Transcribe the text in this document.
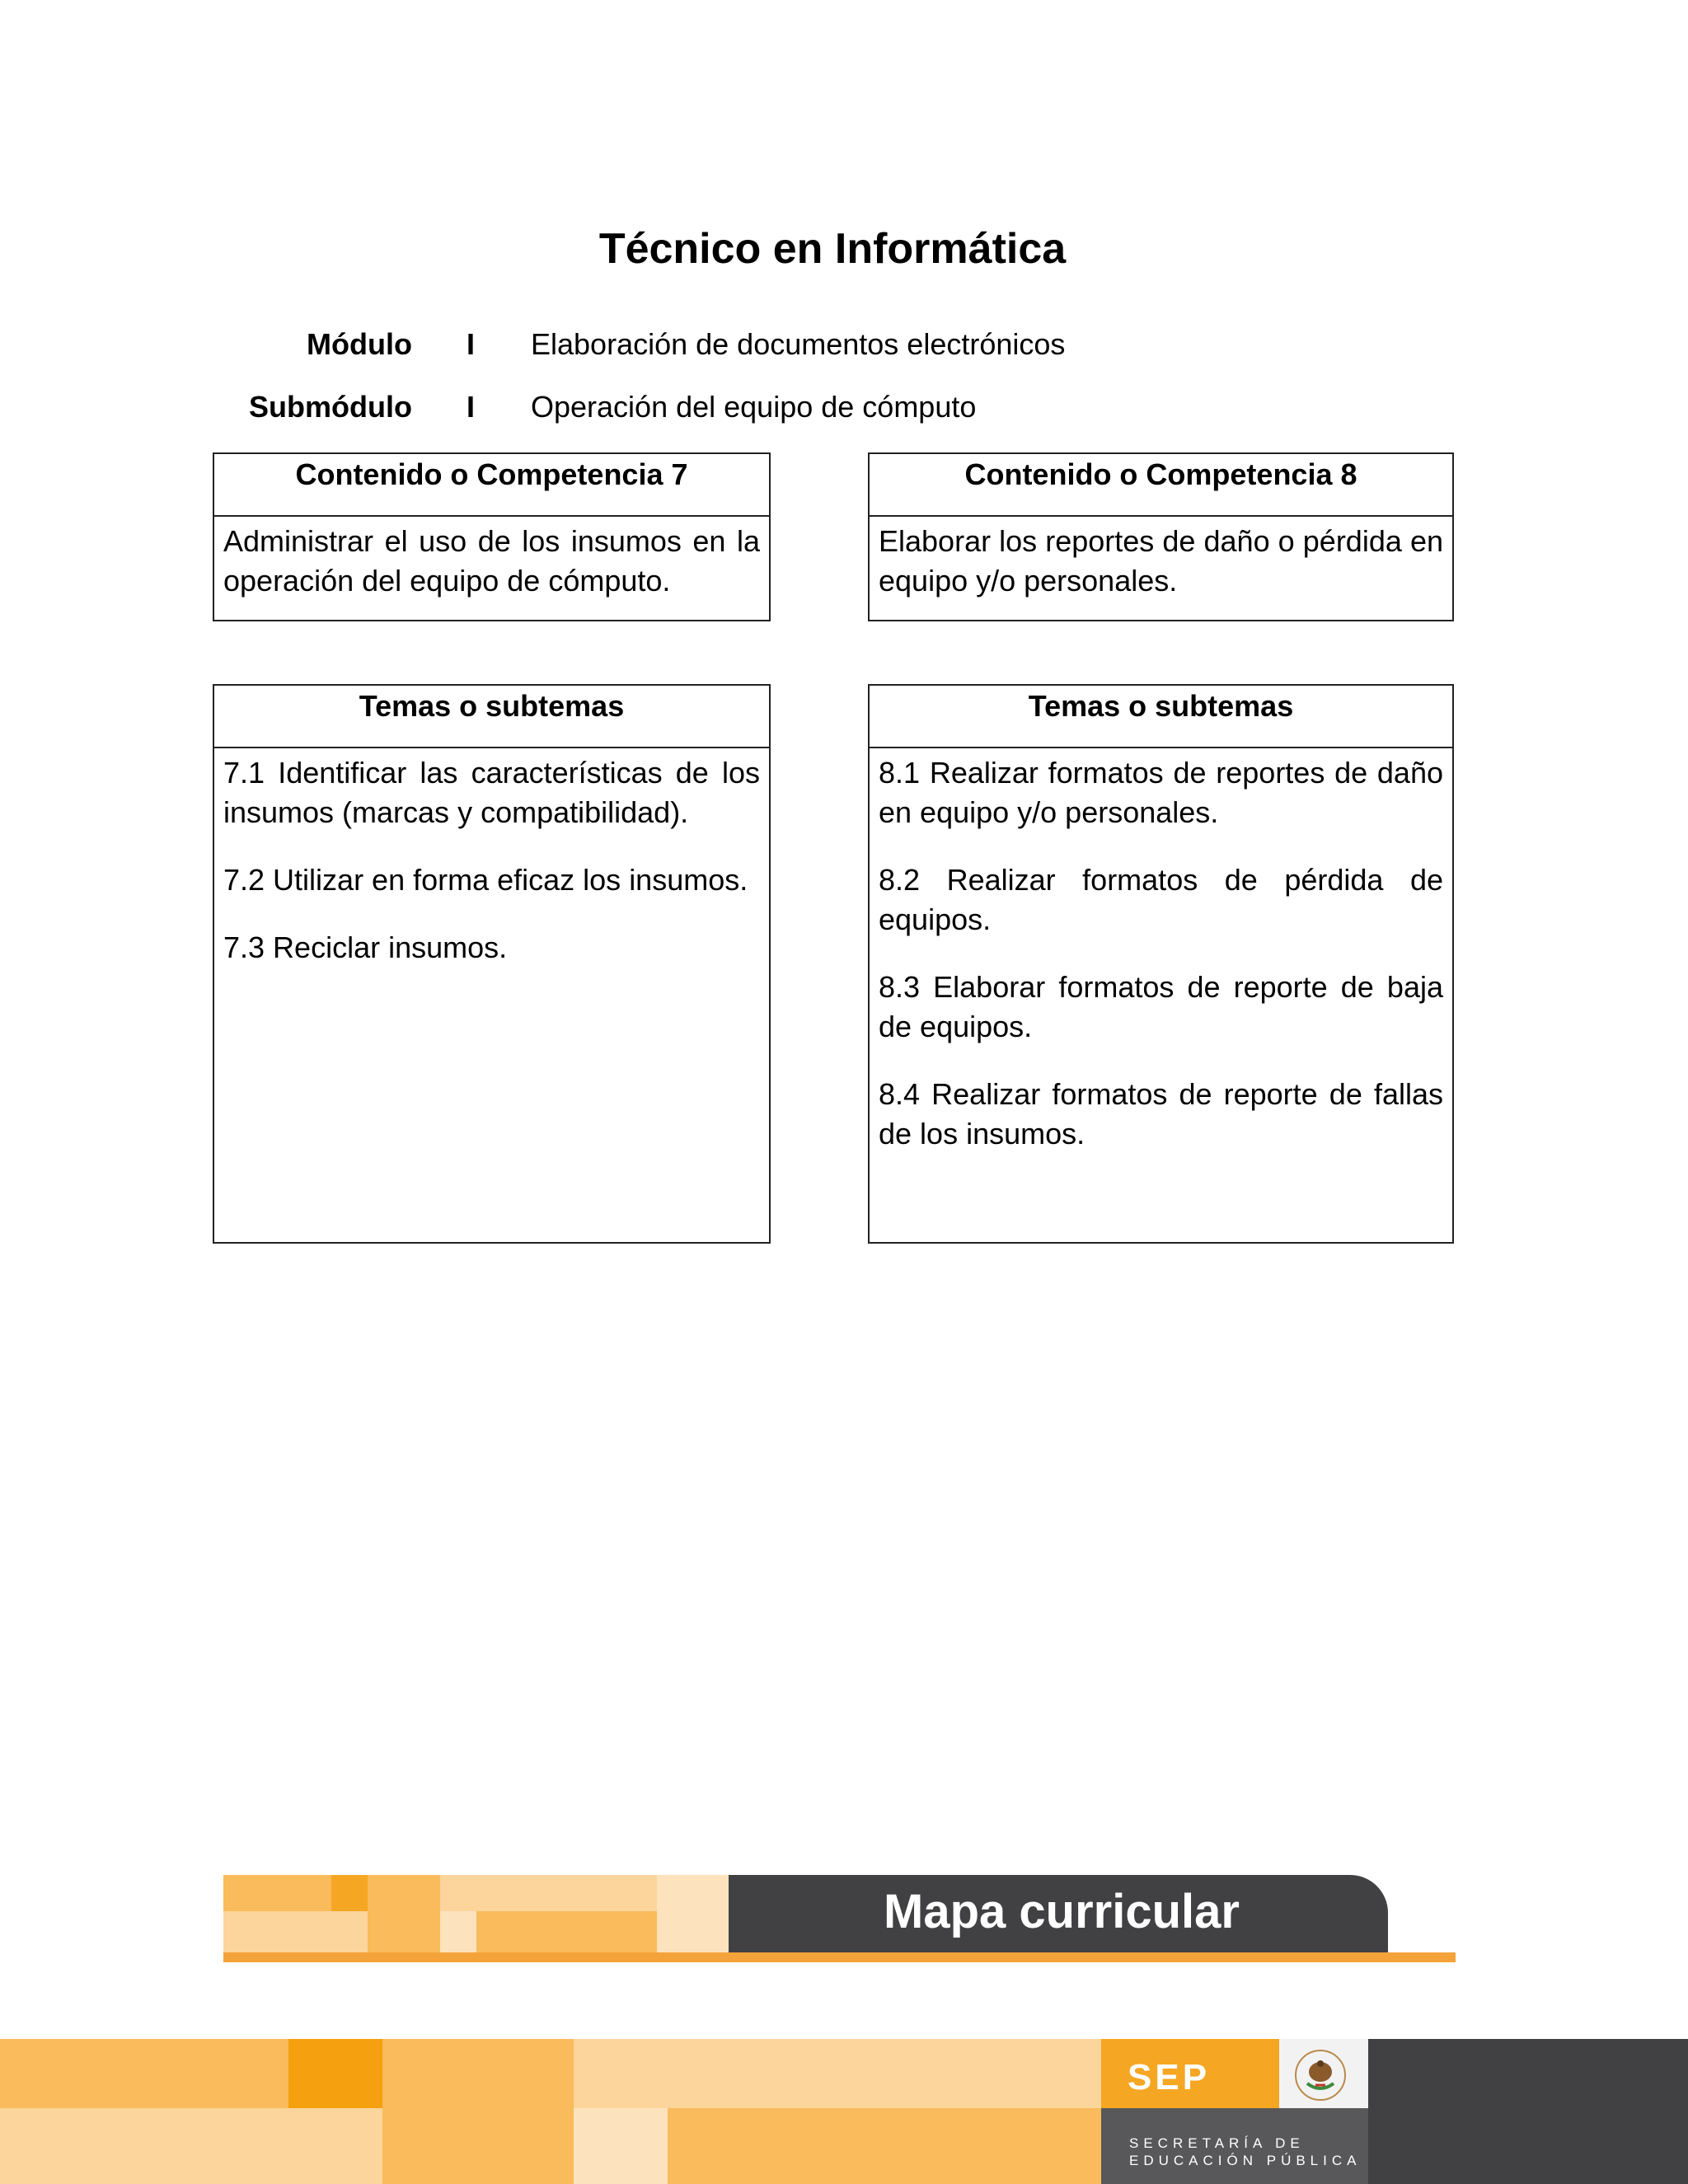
Técnico en Informática
Módulo I Elaboración de documentos electrónicos
Submódulo I Operación del equipo de cómputo
Contenido o Competencia 7
Administrar el uso de los insumos en la operación del equipo de cómputo.
Contenido o Competencia 8
Elaborar los reportes de daño o pérdida en equipo y/o personales.
Temas o subtemas

7.1 Identificar las características de los insumos (marcas y compatibilidad).

7.2 Utilizar en forma eficaz los insumos.

7.3 Reciclar insumos.

Temas o subtemas

8.1 Realizar formatos de reportes de daño en equipo y/o personales.

8.2 Realizar formatos de pérdida de equipos.

8.3 Elaborar formatos de reporte de baja de equipos.

8.4 Realizar formatos de reporte de fallas de los insumos.

Mapa curricular
SEP
SECRETARÍA DE
EDUCACIÓN PÚBLICA
